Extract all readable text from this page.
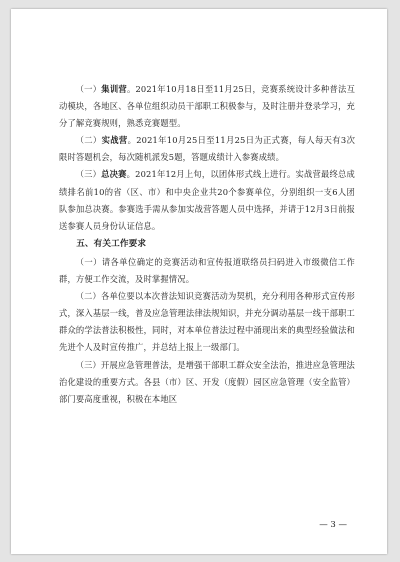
（一）集训营。2021年10月18日至11月25日，竞赛系统设计多种普法互动模块，各地区、各单位组织动员干部职工积极参与，及时注册并登录学习，充分了解竞赛规则，熟悉竞赛题型。

（二）实战营。2021年10月25日至11月25日为正式赛，每人每天有3次限时答题机会，每次随机派发5题，答题成绩计入参赛成绩。

（三）总决赛。2021年12月上旬，以团体形式线上进行。实战营最终总成绩排名前10的省（区、市）和中央企业共20个参赛单位，分别组织一支6人团队参加总决赛。参赛选手需从参加实战营答题人员中选择，并请于12月3日前报送参赛人员身份认证信息。

五、有关工作要求

（一）请各单位确定的竞赛活动和宣传报道联络员扫码进入市级微信工作群，方便工作交流，及时掌握情况。

（二）各单位要以本次普法知识竞赛活动为契机，充分利用各种形式宣传形式，深入基层一线，普及应急管理法律法规知识，并充分调动基层一线干部职工群众的学法普法积极性，同时，对本单位普法过程中涌现出来的典型经验做法和先进个人及时宣传推广，并总结上报上一级部门。

（三）开展应急管理普法，是增强干部职工群众安全法治，推进应急管理法治化建设的重要方式。各县（市）区、开发（度假）园区应急管理（安全监管）部门要高度重视，积极在本地区

— 3 —
